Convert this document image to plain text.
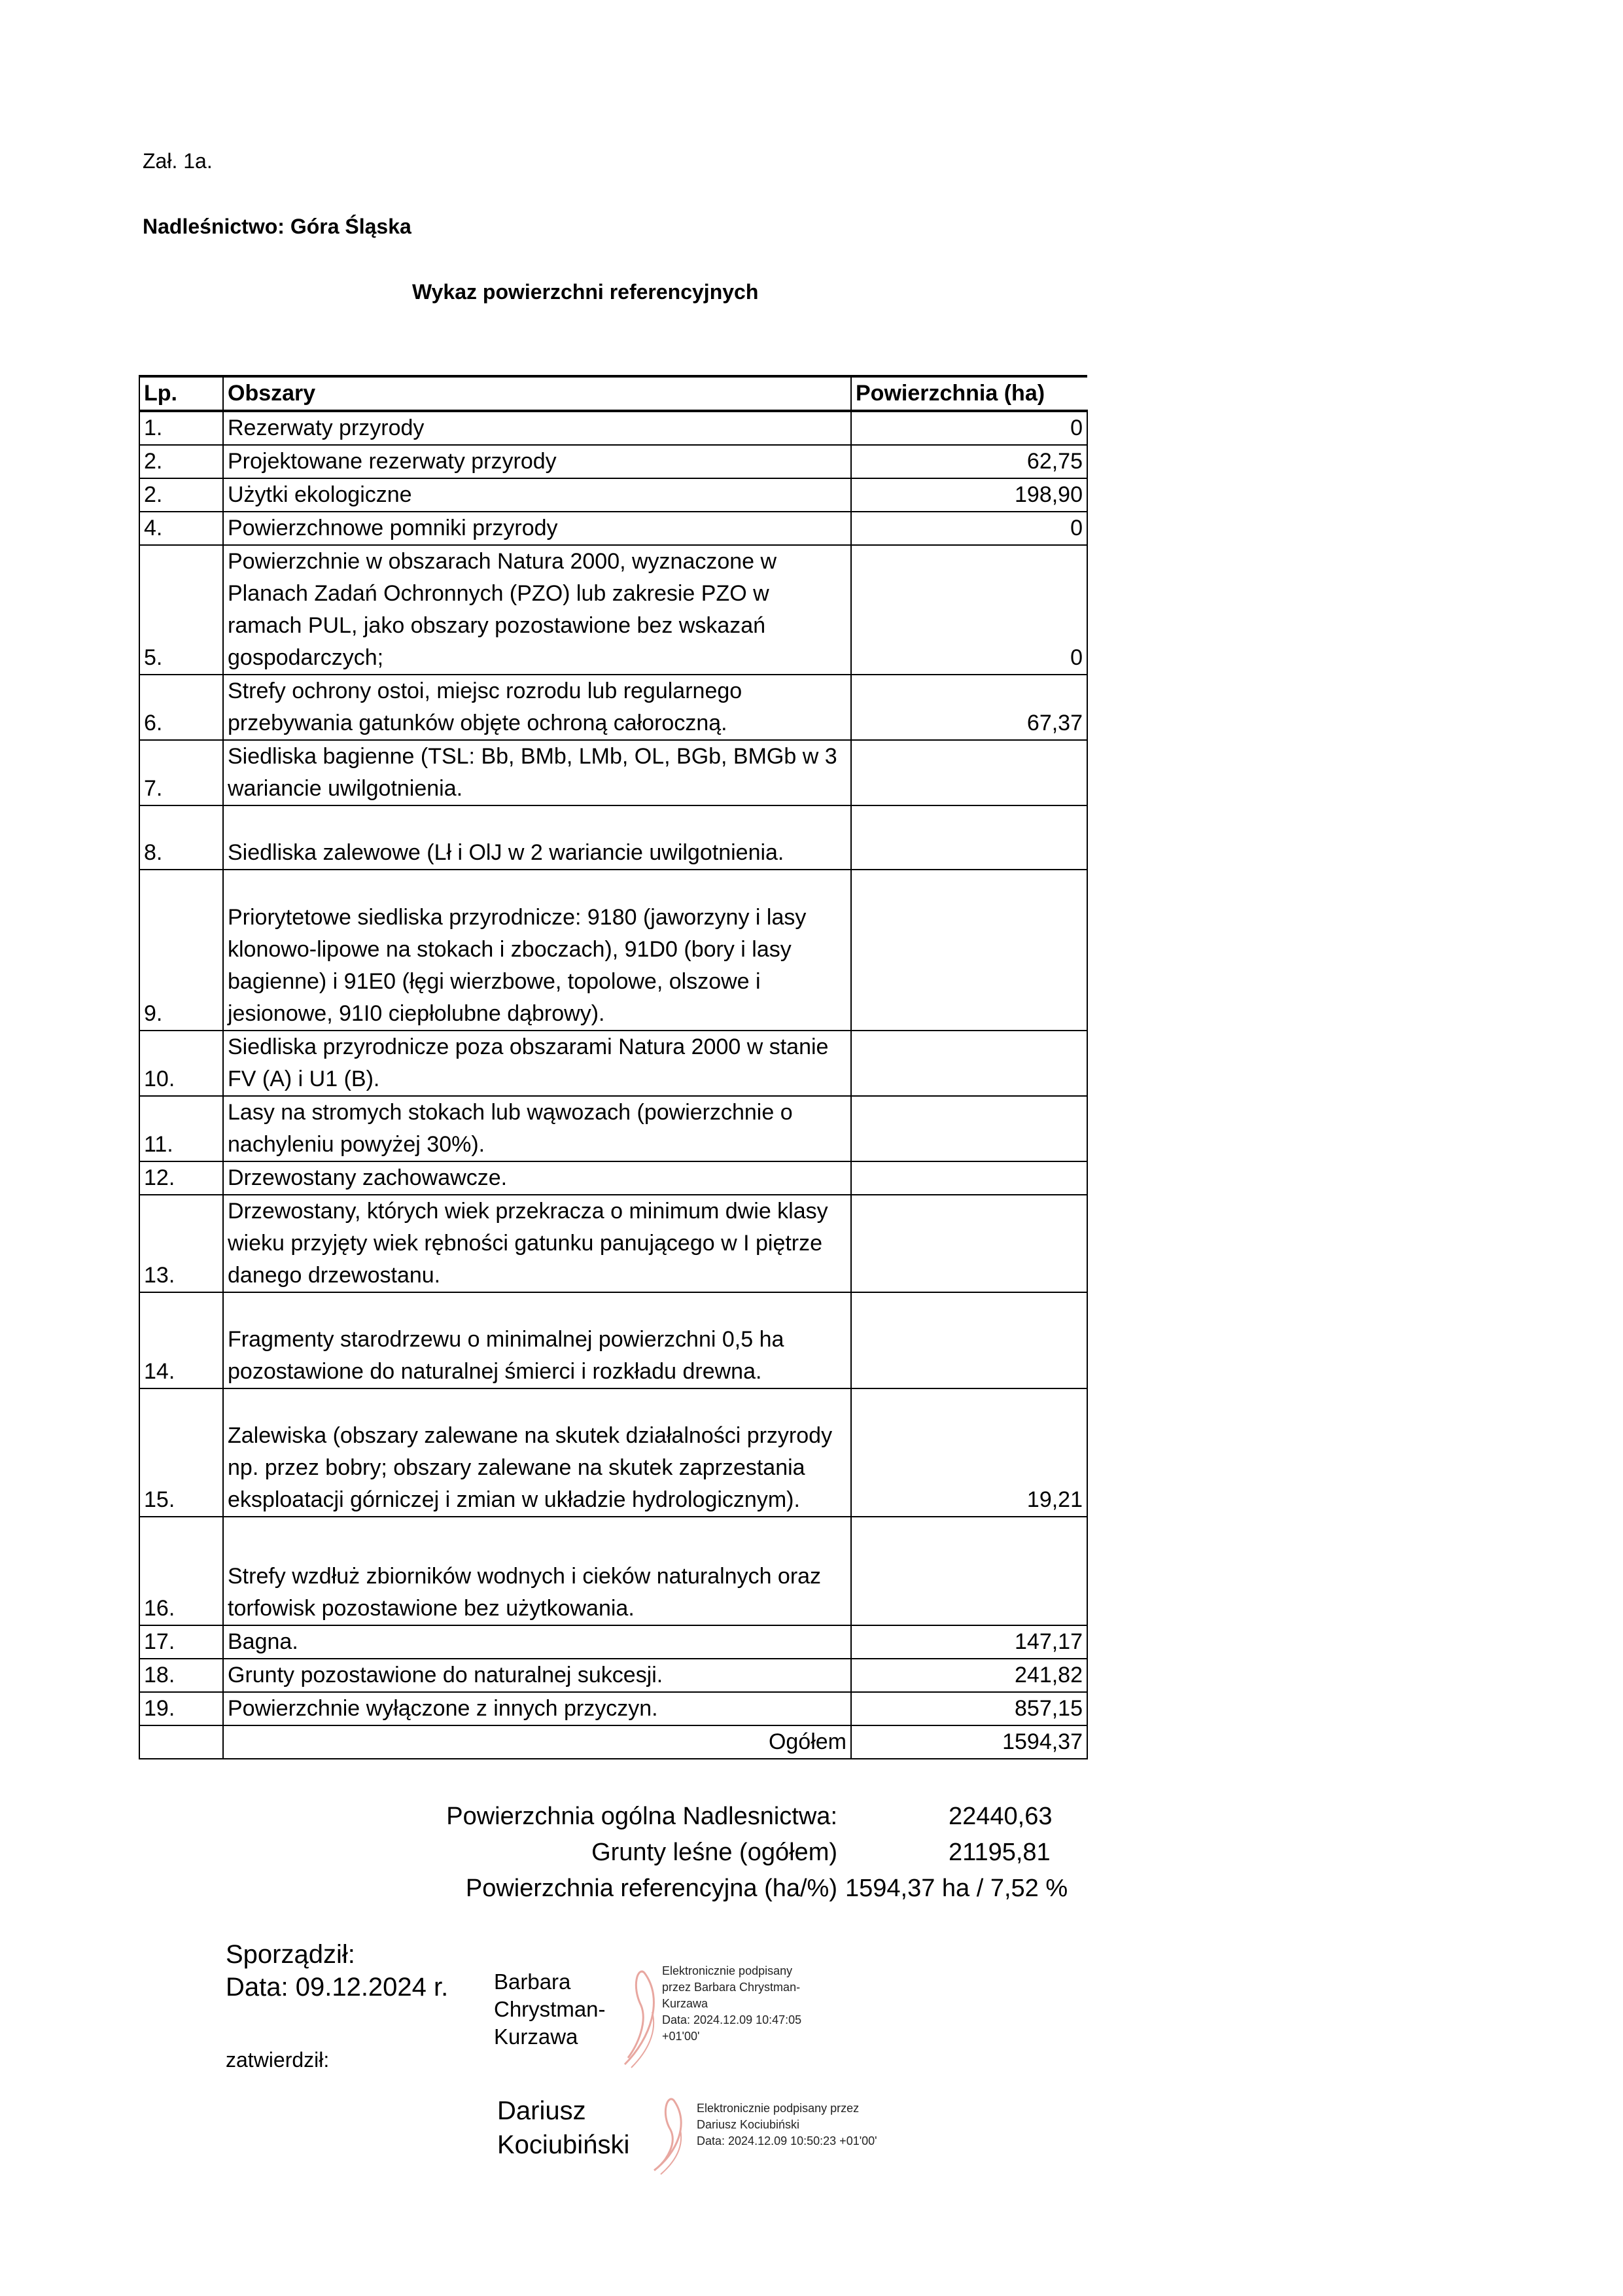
Zał. 1a.
Nadleśnictwo: Góra Śląska
Wykaz powierzchni referencyjnych
Lp.	Obszary	Powierzchnia (ha)
1.	Rezerwaty przyrody	0
2.	Projektowane rezerwaty przyrody	62,75
2.	Użytki ekologiczne	198,90
4.	Powierzchnowe pomniki przyrody	0
5.	Powierzchnie w obszarach Natura 2000, wyznaczone w Planach Zadań Ochronnych (PZO) lub zakresie PZO w ramach PUL, jako obszary pozostawione bez wskazań gospodarczych;	0
6.	Strefy ochrony ostoi, miejsc rozrodu lub regularnego przebywania gatunków objęte ochroną całoroczną.	67,37
7.	Siedliska bagienne (TSL: Bb, BMb, LMb, OL, BGb, BMGb w 3 wariancie uwilgotnienia.	
8.	Siedliska zalewowe (Lł i OlJ w 2 wariancie uwilgotnienia.	
9.	Priorytetowe siedliska przyrodnicze: 9180 (jaworzyny i lasy klonowo-lipowe na stokach i zboczach), 91D0 (bory i lasy bagienne) i 91E0 (łęgi wierzbowe, topolowe, olszowe i jesionowe, 91I0 ciepłolubne dąbrowy).	
10.	Siedliska przyrodnicze poza obszarami Natura 2000 w stanie FV (A) i U1 (B).	
11.	Lasy na stromych stokach lub wąwozach (powierzchnie o nachyleniu powyżej 30%).	
12.	Drzewostany zachowawcze.	
13.	Drzewostany, których wiek przekracza o minimum dwie klasy wieku przyjęty wiek rębności gatunku panującego w I piętrze danego drzewostanu.	
14.	Fragmenty starodrzewu o minimalnej powierzchni 0,5 ha pozostawione do naturalnej śmierci i rozkładu drewna.	
15.	Zalewiska (obszary zalewane na skutek działalności przyrody np. przez bobry; obszary zalewane na skutek zaprzestania eksploatacji górniczej i zmian w układzie hydrologicznym).	19,21
16.	Strefy wzdłuż zbiorników wodnych i cieków naturalnych oraz torfowisk pozostawione bez użytkowania.	
17.	Bagna.	147,17
18.	Grunty pozostawione do naturalnej sukcesji.	241,82
19.	Powierzchnie wyłączone z innych przyczyn.	857,15
	Ogółem	1594,37
Powierzchnia ogólna Nadlesnictwa:	22440,63
Grunty leśne (ogółem)	21195,81
Powierzchnia referencyjna (ha/%) 1594,37 ha / 7,52 %
Sporządził:
Data: 09.12.2024 r.
zatwierdził:
Barbara
Chrystman-
Kurzawa
Elektronicznie podpisany
przez Barbara Chrystman-
Kurzawa
Data: 2024.12.09 10:47:05
+01'00'
Dariusz
Kociubiński
Elektronicznie podpisany przez
Dariusz Kociubiński
Data: 2024.12.09 10:50:23 +01'00'
